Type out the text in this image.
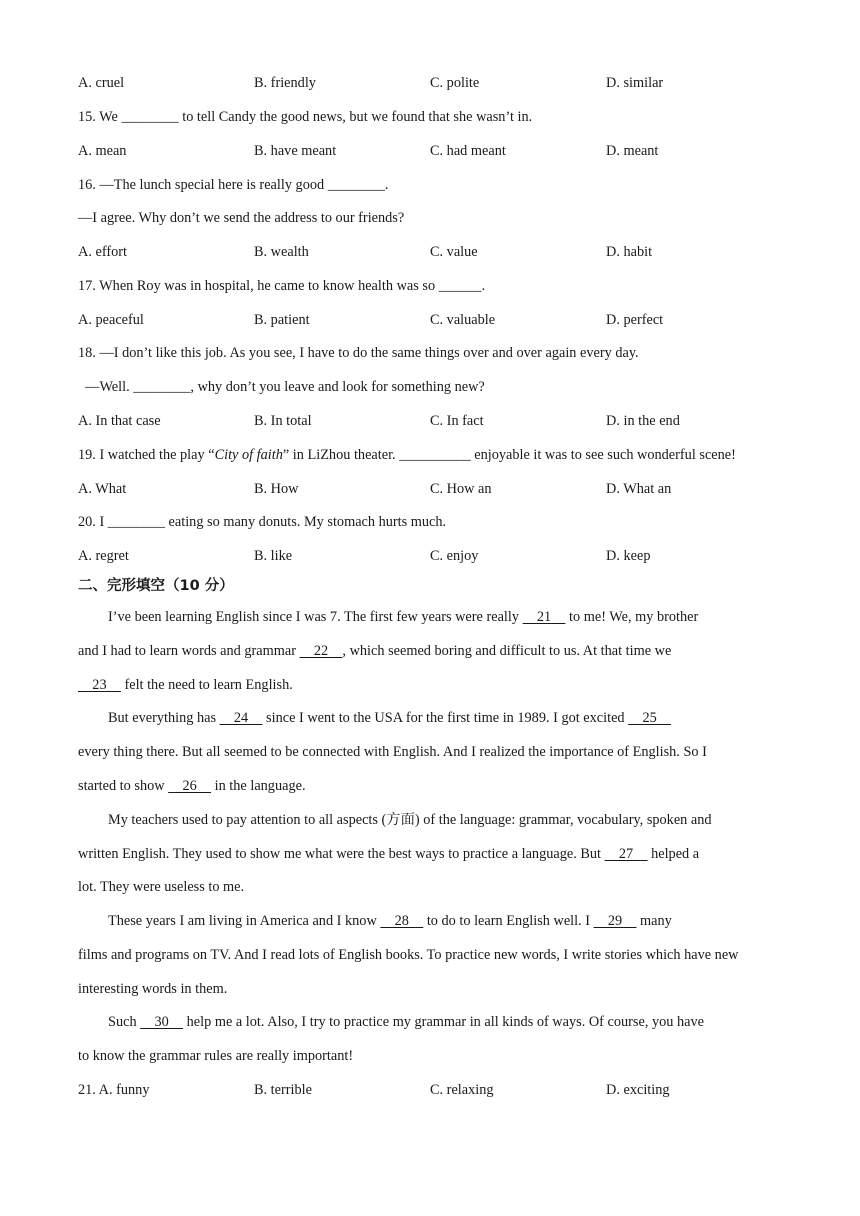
A. cruel	B. friendly	C. polite	D. similar
15. We ________ to tell Candy the good news, but we found that she wasn’t in.
A. mean	B. have meant	C. had meant	D. meant
16. —The lunch special here is really good ________.
—I agree. Why don’t we send the address to our friends?
A. effort	B. wealth	C. value	D. habit
17. When Roy was in hospital, he came to know health was so ______.
A. peaceful	B. patient	C. valuable	D. perfect
18. —I don’t like this job. As you see, I have to do the same things over and over again every day.
—Well. ________, why don’t you leave and look for something new?
A. In that case	B. In total	C. In fact	D. in the end
19. I watched the play “City of faith” in LiZhou theater. __________ enjoyable it was to see such wonderful scene!
A. What	B. How	C. How an	D. What an
20. I ________ eating so many donuts. My stomach hurts much.
A. regret	B. like	C. enjoy	D. keep
二、完形填空（10 分）
I’ve been learning English since I was 7. The first few years were really     21     to me! We, my brother
and I had to learn words and grammar     22    , which seemed boring and difficult to us. At that time we
23     felt the need to learn English.
But everything has     24     since I went to the USA for the first time in 1989. I got excited     25
every thing there. But all seemed to be connected with English. And I realized the importance of English. So I
started to show     26     in the language.
My teachers used to pay attention to all aspects (方面) of the language: grammar, vocabulary, spoken and
written English. They used to show me what were the best ways to practice a language. But     27     helped a
lot. They were useless to me.
These years I am living in America and I know     28     to do to learn English well. I     29     many
films and programs on TV. And I read lots of English books. To practice new words, I write stories which have new
interesting words in them.
Such     30     help me a lot. Also, I try to practice my grammar in all kinds of ways. Of course, you have
to know the grammar rules are really important!
21. A. funny	B. terrible	C. relaxing	D. exciting
